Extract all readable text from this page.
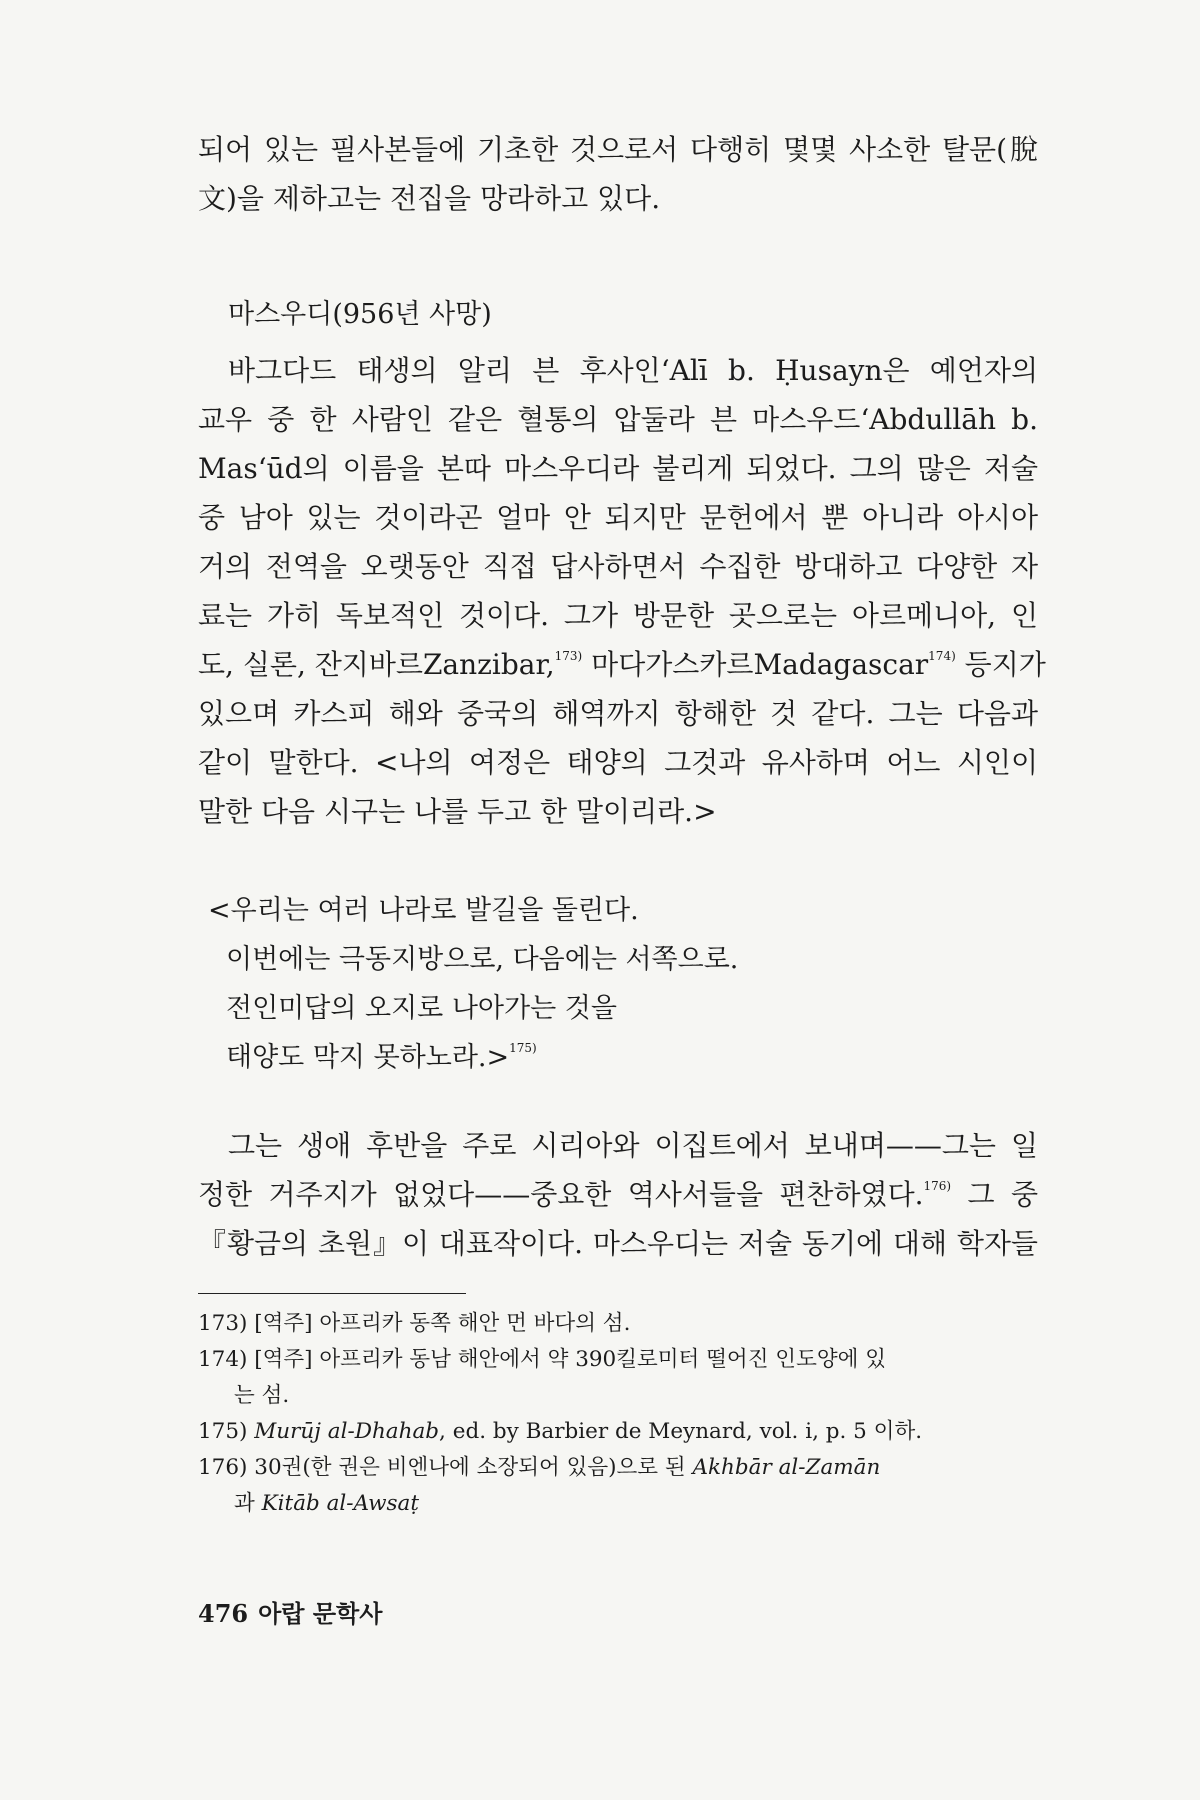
되어 있는 필사본들에 기초한 것으로서 다행히 몇몇 사소한 탈문(脫
文)을 제하고는 전집을 망라하고 있다.
마스우디(956년 사망)
바그다드 태생의 알리 븐 후사인‘Alī b. Ḥusayn은 예언자의
교우 중 한 사람인 같은 혈통의 압둘라 븐 마스우드‘Abdullāh b.
Mas‘ūd의 이름을 본따 마스우디라 불리게 되었다. 그의 많은 저술
중 남아 있는 것이라곤 얼마 안 되지만 문헌에서 뿐 아니라 아시아
거의 전역을 오랫동안 직접 답사하면서 수집한 방대하고 다양한 자
료는 가히 독보적인 것이다. 그가 방문한 곳으로는 아르메니아, 인
도, 실론, 잔지바르Zanzibar,$^{173)}$ 마다가스카르Madagascar$^{174)}$ 등지가
있으며 카스피 해와 중국의 해역까지 항해한 것 같다. 그는 다음과
같이 말한다. <나의 여정은 태양의 그것과 유사하며 어느 시인이
말한 다음 시구는 나를 두고 한 말이리라.>
<우리는 여러 나라로 발길을 돌린다.
이번에는 극동지방으로, 다음에는 서쪽으로.
전인미답의 오지로 나아가는 것을
태양도 막지 못하노라.>$^{175)}$
그는 생애 후반을 주로 시리아와 이집트에서 보내며——그는 일
정한 거주지가 없었다——중요한 역사서들을 편찬하였다.$^{176)}$ 그 중
『황금의 초원』이 대표작이다. 마스우디는 저술 동기에 대해 학자들
173) [역주] 아프리카 동쪽 해안 먼 바다의 섬.
174) [역주] 아프리카 동남 해안에서 약 390킬로미터 떨어진 인도양에 있
는 섬.
175) Murūj al-Dhahab, ed. by Barbier de Meynard, vol. i, p. 5 이하.
176) 30권(한 권은 비엔나에 소장되어 있음)으로 된 Akhbār al-Zamān
과 Kitāb al-Awsaṭ

476 아랍 문학사
